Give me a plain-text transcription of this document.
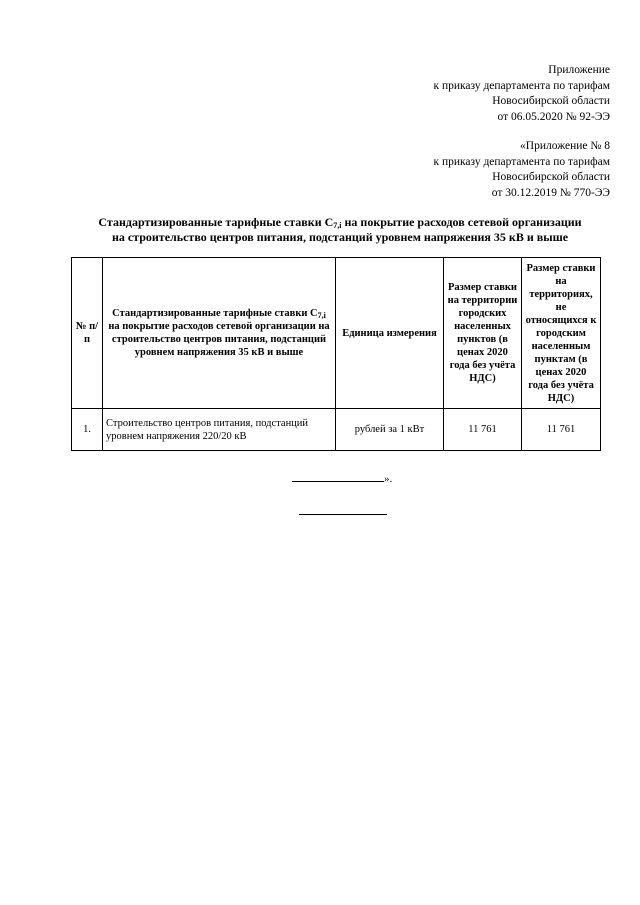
Приложение
к приказу департамента по тарифам
Новосибирской области
от 06.05.2020 № 92-ЭЭ
«Приложение № 8
к приказу департамента по тарифам
Новосибирской области
от 30.12.2019 № 770-ЭЭ
Стандартизированные тарифные ставки $С_{7,i}$ на покрытие расходов сетевой организации
на строительство центров питания, подстанций уровнем напряжения 35 кВ и выше
№ п/п	Стандартизированные тарифные ставки $С_{7,i}$ на покрытие расходов сетевой организации на строительство центров питания, подстанций уровнем напряжения 35 кВ и выше	Единица измерения	Размер ставки на территории городских населенных пунктов (в ценах 2020 года без учёта НДС)	Размер ставки на территориях, не относящихся к городским населенным пунктам (в ценах 2020 года без учёта НДС)
1.	Строительство центров питания, подстанций уровнем напряжения 220/20 кВ	рублей за 1 кВт	11 761	11 761
».
